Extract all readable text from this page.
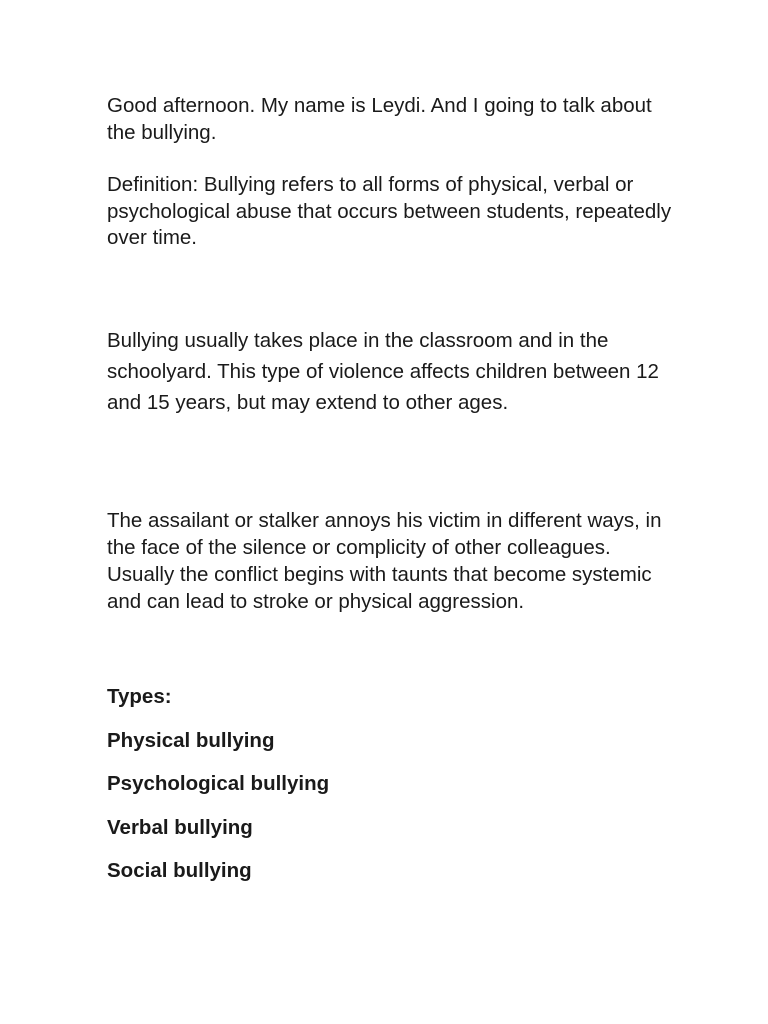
Good afternoon. My name is Leydi. And I going to talk about the bullying.

Definition: Bullying refers to all forms of physical, verbal or psychological abuse that occurs between students, repeatedly over time.

Bullying usually takes place in the classroom and in the schoolyard. This type of violence affects children between 12 and 15 years, but may extend to other ages.

The assailant or stalker annoys his victim in different ways, in the face of the silence or complicity of other colleagues. Usually the conflict begins with taunts that become systemic and can lead to stroke or physical aggression.

Types:

Physical bullying

Psychological bullying

Verbal bullying

Social bullying
